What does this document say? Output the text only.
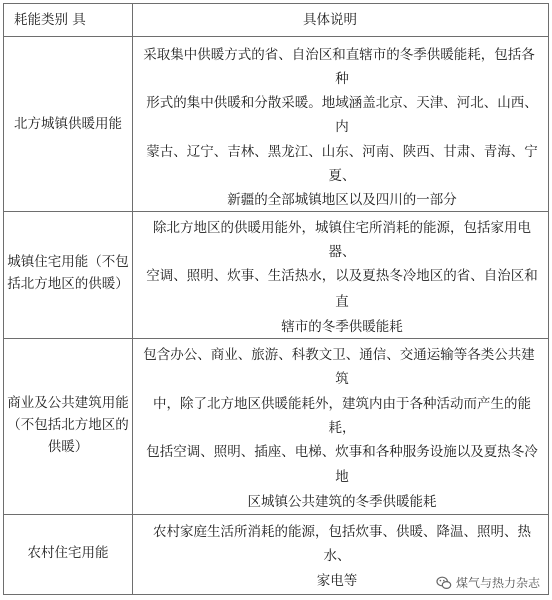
耗能类别 具	具体说明
北方城镇供暖用能
采取集中供暖方式的省、自治区和直辖市的冬季供暖能耗，包括各
种
形式的集中供暖和分散采暖。地域涵盖北京、天津、河北、山西、
内
蒙古、辽宁、吉林、黑龙江、山东、河南、陕西、甘肃、青海、宁
夏、
新疆的全部城镇地区以及四川的一部分
城镇住宅用能（不包括北方地区的供暖）
除北方地区的供暖用能外，城镇住宅所消耗的能源，包括家用电
器、
空调、照明、炊事、生活热水，以及夏热冬冷地区的省、自治区和
直
辖市的冬季供暖能耗
商业及公共建筑用能（不包括北方地区的供暖）
包含办公、商业、旅游、科教文卫、通信、交通运输等各类公共建
筑
中，除了北方地区供暖能耗外，建筑内由于各种活动而产生的能
耗，
包括空调、照明、插座、电梯、炊事和各种服务设施以及夏热冬冷
地
区城镇公共建筑的冬季供暖能耗
农村住宅用能
农村家庭生活所消耗的能源，包括炊事、供暖、降温、照明、热
水、
家电等	煤气与热力杂志
